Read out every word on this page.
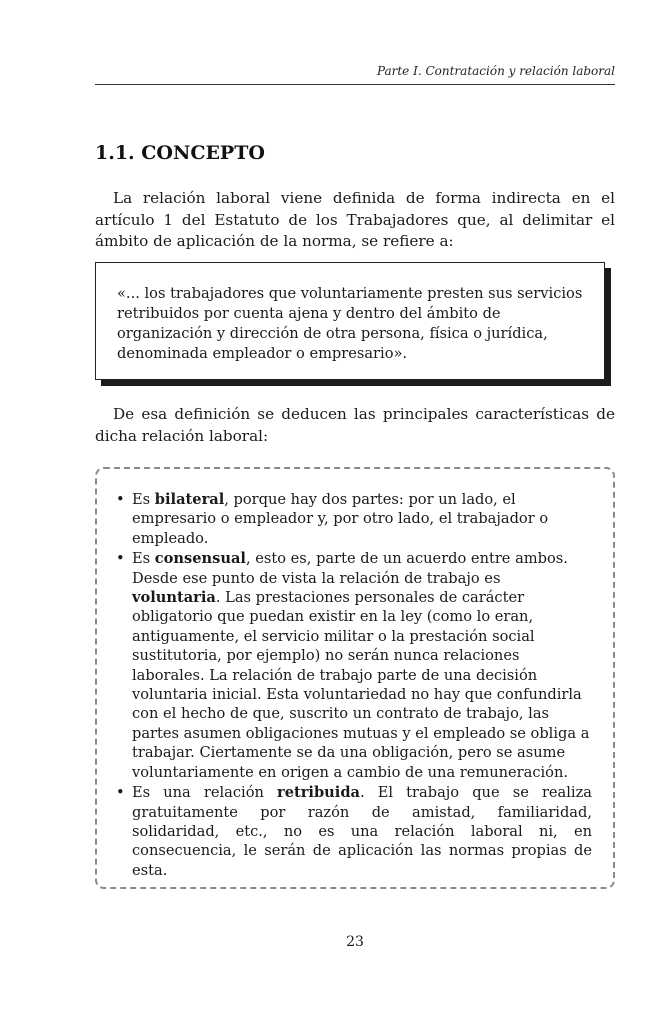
Parte I. Contratación y relación laboral
1.1. CONCEPTO

La relación laboral viene definida de forma indirecta en el artículo 1 del Estatuto de los Trabajadores que, al delimitar el ámbito de aplicación de la norma, se refiere a:

«... los trabajadores que voluntariamente presten sus servicios retribuidos por cuenta ajena y dentro del ámbito de organización y dirección de otra persona, física o jurídica, denominada empleador o empresario».

De esa definición se deducen las principales características de dicha relación laboral:

• Es bilateral, porque hay dos partes: por un lado, el empresario o empleador y, por otro lado, el trabajador o empleado.

• Es consensual, esto es, parte de un acuerdo entre ambos. Desde ese punto de vista la relación de trabajo es voluntaria. Las prestaciones personales de carácter obligatorio que puedan existir en la ley (como lo eran, antiguamente, el servicio militar o la prestación social sustitutoria, por ejemplo) no serán nunca relaciones laborales. La relación de trabajo parte de una decisión voluntaria inicial. Esta voluntariedad no hay que confundirla con el hecho de que, suscrito un contrato de trabajo, las partes asumen obligaciones mutuas y el empleado se obliga a trabajar. Ciertamente se da una obligación, pero se asume voluntariamente en origen a cambio de una remuneración.

• Es una relación retribuida. El trabajo que se realiza gratuitamente por razón de amistad, familiaridad, solidaridad, etc., no es una relación laboral ni, en consecuencia, le serán de aplicación las normas propias de esta.

23
